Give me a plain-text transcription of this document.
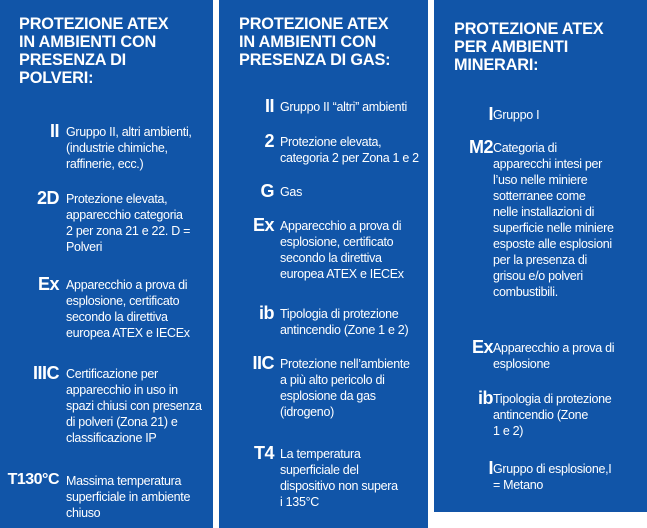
PROTEZIONE ATEX
IN AMBIENTI CON
PRESENZA DI
POLVERI:
II Gruppo II, altri ambienti,
(industrie chimiche,
raffinerie, ecc.)
2D Protezione elevata,
apparecchio categoria
2 per zona 21 e 22. D =
Polveri
Ex Apparecchio a prova di
esplosione, certificato
secondo la direttiva
europea ATEX e IECEx
IIIC Certificazione per
apparecchio in uso in
spazi chiusi con presenza
di polveri (Zona 21) e
classificazione IP
T130°C Massima temperatura
superficiale in ambiente
chiuso
PROTEZIONE ATEX
IN AMBIENTI CON
PRESENZA DI GAS:
II Gruppo II “altri” ambienti
2 Protezione elevata,
categoria 2 per Zona 1 e 2
G Gas
Ex Apparecchio a prova di
esplosione, certificato
secondo la direttiva
europea ATEX e IECEx
ib Tipologia di protezione
antincendio (Zone 1 e 2)
IIC Protezione nell’ambiente
a più alto pericolo di
esplosione da gas
(idrogeno)
T4 La temperatura
superficiale del
dispositivo non supera
i 135°C
PROTEZIONE ATEX
PER AMBIENTI
MINERARI:
I Gruppo I
M2 Categoria di
apparecchi intesi per
l’uso nelle miniere
sotterranee come
nelle installazioni di
superficie nelle miniere
esposte alle esplosioni
per la presenza di
grisou e/o polveri
combustibili.
Ex Apparecchio a prova di
esplosione
ib Tipologia di protezione
antincendio (Zone
1 e 2)
I Gruppo di esplosione,I
= Metano
